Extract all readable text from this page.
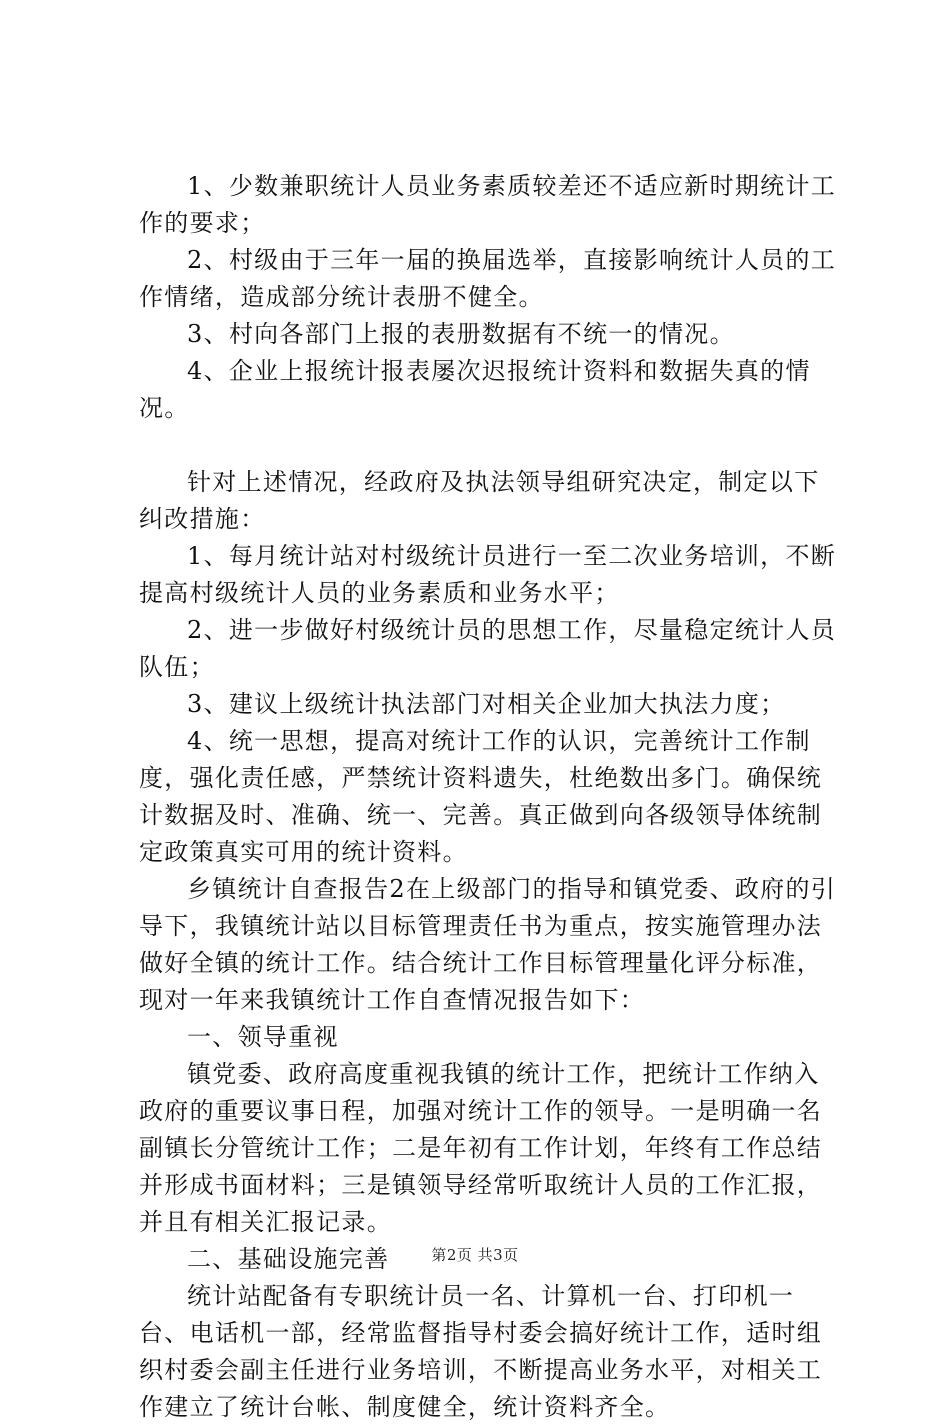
1、少数兼职统计人员业务素质较差还不适应新时期统计工作的要求；

2、村级由于三年一届的换届选举，直接影响统计人员的工作情绪，造成部分统计表册不健全。

3、村向各部门上报的表册数据有不统一的情况。

4、企业上报统计报表屡次迟报统计资料和数据失真的情况。

针对上述情况，经政府及执法领导组研究决定，制定以下纠改措施：

1、每月统计站对村级统计员进行一至二次业务培训，不断提高村级统计人员的业务素质和业务水平；

2、进一步做好村级统计员的思想工作，尽量稳定统计人员队伍；

3、建议上级统计执法部门对相关企业加大执法力度；

4、统一思想，提高对统计工作的认识，完善统计工作制度，强化责任感，严禁统计资料遗失，杜绝数出多门。确保统计数据及时、准确、统一、完善。真正做到向各级领导体统制定政策真实可用的统计资料。

乡镇统计自查报告2在上级部门的指导和镇党委、政府的引导下，我镇统计站以目标管理责任书为重点，按实施管理办法做好全镇的统计工作。结合统计工作目标管理量化评分标准，现对一年来我镇统计工作自查情况报告如下：

一、领导重视

镇党委、政府高度重视我镇的统计工作，把统计工作纳入政府的重要议事日程，加强对统计工作的领导。一是明确一名副镇长分管统计工作；二是年初有工作计划，年终有工作总结并形成书面材料；三是镇领导经常听取统计人员的工作汇报，并且有相关汇报记录。

二、基础设施完善

统计站配备有专职统计员一名、计算机一台、打印机一台、电话机一部，经常监督指导村委会搞好统计工作，适时组织村委会副主任进行业务培训，不断提高业务水平，对相关工作建立了统计台帐、制度健全，统计资料齐全。

第2页 共3页
